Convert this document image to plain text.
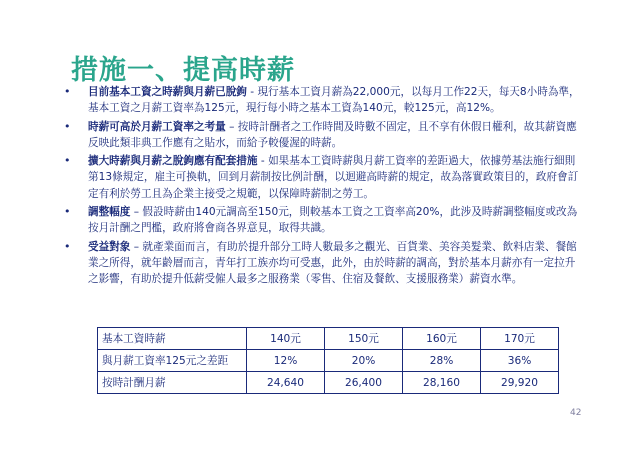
措施一、提高時薪
• 目前基本工資之時薪與月薪已脫鉤 - 現行基本工資月薪為22,000元，以每月工作22天，每天8小時為準，基本工資之月薪工資率為125元，現行每小時之基本工資為140元，較125元，高12%。
• 時薪可高於月薪工資率之考量 – 按時計酬者之工作時間及時數不固定，且不享有休假日權利，故其薪資應反映此類非典工作應有之貼水，而給予較優渥的時薪。
• 擴大時薪與月薪之脫鉤應有配套措施 - 如果基本工資時薪與月薪工資率的差距過大，依據勞基法施行細則第13條規定，雇主可換軌，回到月薪制按比例計酬，以迴避高時薪的規定，故為落實政策目的，政府會訂定有利於勞工且為企業主接受之規範，以保障時薪制之勞工。
• 調整幅度 – 假設時薪由140元調高至150元，則較基本工資之工資率高20%，此涉及時薪調整幅度或改為按月計酬之門檻，政府將會商各界意見，取得共識。
• 受益對象 – 就產業面而言，有助於提升部分工時人數最多之觀光、百貨業、美容美髮業、飲料店業、餐館業之所得，就年齡層而言，青年打工族亦均可受惠，此外，由於時薪的調高，對於基本月薪亦有一定拉升之影響，有助於提升低薪受僱人最多之服務業（零售、住宿及餐飲、支援服務業）薪資水準。
基本工資時薪	140元	150元	160元	170元
與月薪工資率125元之差距	12%	20%	28%	36%
按時計酬月薪	24,640	26,400	28,160	29,920
42
